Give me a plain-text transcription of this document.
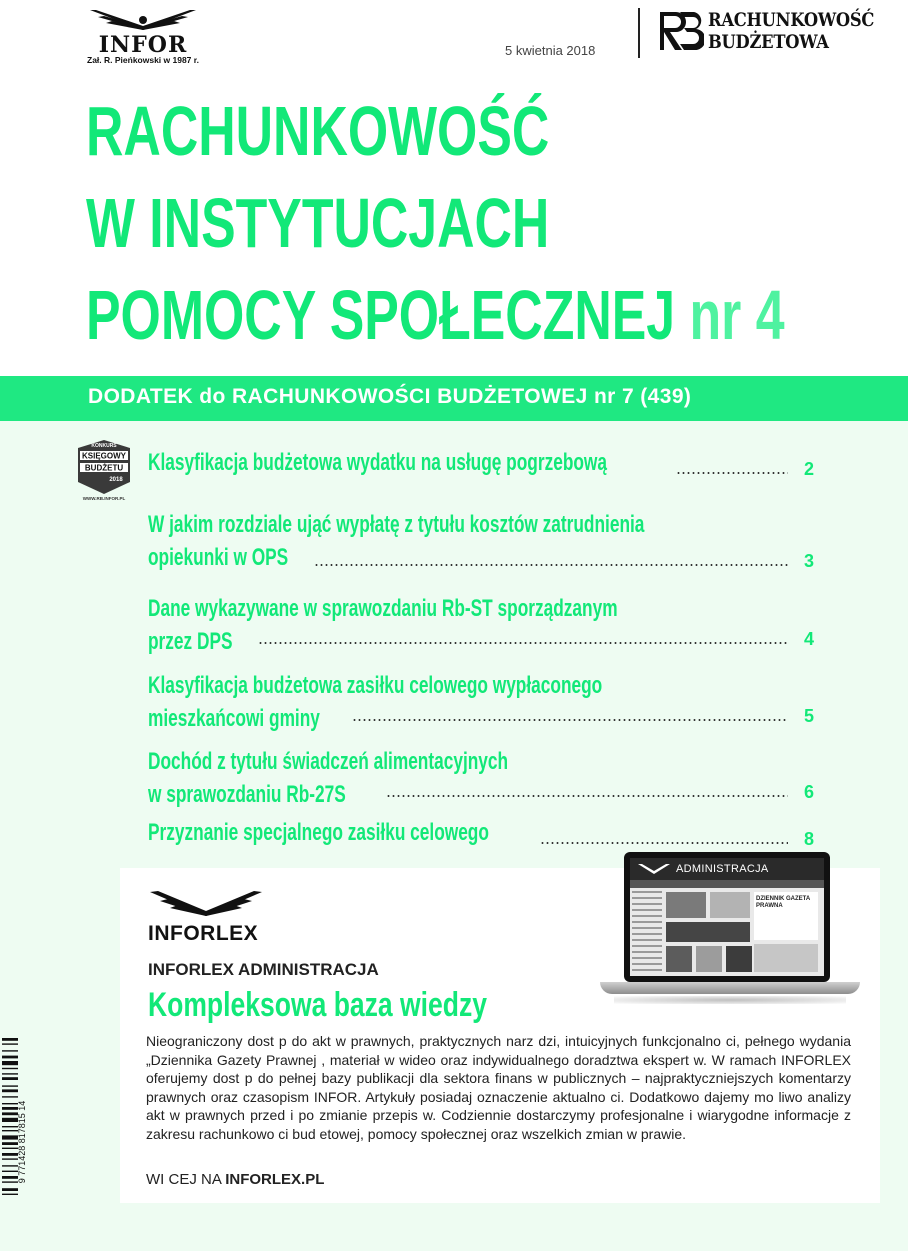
INFOR
Zał. R. Pieńkowski w 1987 r.
5 kwietnia 2018
RACHUNKOWOŚĆ
BUDŻETOWA
RACHUNKOWOŚĆ
W INSTYTUCJACH
POMOCY SPOŁECZNEJ nr 4
DODATEK do RACHUNKOWOŚCI BUDŻETOWEJ nr 7 (439)
KONKURS
KSIĘGOWY
BUDŻETU
2018
WWW.RB.INFOR.PL
Klasyfikacja budżetowa wydatku na usługę pogrzebową	2
W jakim rozdziale ująć wypłatę z tytułu kosztów zatrudnienia
opiekunki w OPS	3
Dane wykazywane w sprawozdaniu Rb-ST sporządzanym
przez DPS	4
Klasyfikacja budżetowa zasiłku celowego wypłaconego
mieszkańcowi gminy	5
Dochód z tytułu świadczeń alimentacyjnych
w sprawozdaniu Rb-27S	6
Przyznanie specjalnego zasiłku celowego	8
INFORLEX
INFORLEX ADMINISTRACJA
Kompleksowa baza wiedzy
Nieograniczony dost p do akt w prawnych, praktycznych narz dzi, intuicyjnych funkcjonalno ci, pełnego wydania „Dziennika Gazety Prawnej , materiał w wideo oraz indywidualnego doradztwa ekspert w. W ramach INFORLEX oferujemy dost p do pełnej bazy publikacji dla sektora finans w publicznych – najpraktyczniejszych komentarzy prawnych oraz czasopism INFOR. Artykuły posiadaj oznaczenie aktualno ci. Dodatkowo dajemy mo liwo analizy akt w prawnych przed i po zmianie przepis w. Codziennie dostarczymy profesjonalne i wiarygodne informacje z zakresu rachunkowo ci bud etowej, pomocy społecznej oraz wszelkich zmian w prawie.
WI CEJ NA INFORLEX.PL
ADMINISTRACJA
DZIENNIK GAZETA PRAWNA
9 771428 817815 14
